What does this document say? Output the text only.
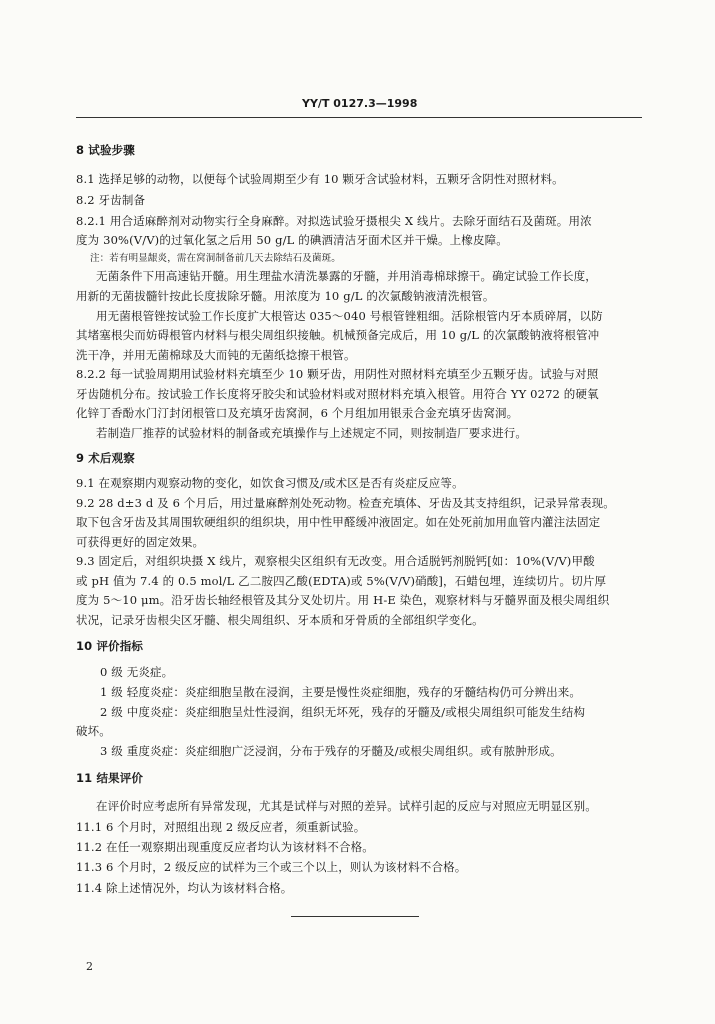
YY/T 0127.3—1998
8 试验步骤
8.1 选择足够的动物，以便每个试验周期至少有 10 颗牙含试验材料，五颗牙含阴性对照材料。
8.2 牙齿制备
8.2.1 用合适麻醉剂对动物实行全身麻醉。对拟选试验牙摄根尖 X 线片。去除牙面结石及菌斑。用浓
度为 30%(V/V)的过氧化氢之后用 50 g/L 的碘酒清洁牙面术区并干燥。上橡皮障。
注：若有明显龈炎，需在窝洞制备前几天去除结石及菌斑。
无菌条件下用高速钻开髓。用生理盐水清洗暴露的牙髓，并用消毒棉球擦干。确定试验工作长度，
用新的无菌拔髓针按此长度拔除牙髓。用浓度为 10 g/L 的次氯酸钠液清洗根管。
用无菌根管锉按试验工作长度扩大根管达 035～040 号根管锉粗细。活除根管内牙本质碎屑，以防
其堵塞根尖而妨碍根管内材料与根尖周组织接触。机械预备完成后，用 10 g/L 的次氯酸钠液将根管冲
洗干净，并用无菌棉球及大而钝的无菌纸捻擦干根管。
8.2.2 每一试验周期用试验材料充填至少 10 颗牙齿，用阴性对照材料充填至少五颗牙齿。试验与对照
牙齿随机分布。按试验工作长度将牙胶尖和试验材料或对照材料充填入根管。用符合 YY 0272 的硬氧
化锌丁香酚水门汀封闭根管口及充填牙齿窝洞，6 个月组加用银汞合金充填牙齿窝洞。
若制造厂推荐的试验材料的制备或充填操作与上述规定不同，则按制造厂要求进行。
9 术后观察
9.1 在观察期内观察动物的变化，如饮食习惯及/或术区是否有炎症反应等。
9.2 28 d±3 d 及 6 个月后，用过量麻醉剂处死动物。检查充填体、牙齿及其支持组织，记录异常表现。
取下包含牙齿及其周围软硬组织的组织块，用中性甲醛缓冲液固定。如在处死前加用血管内灌注法固定
可获得更好的固定效果。
9.3 固定后，对组织块摄 X 线片，观察根尖区组织有无改变。用合适脱钙剂脱钙[如：10%(V/V)甲酸
或 pH 值为 7.4 的 0.5 mol/L 乙二胺四乙酸(EDTA)或 5%(V/V)硝酸]，石蜡包埋，连续切片。切片厚
度为 5～10 μm。沿牙齿长轴经根管及其分叉处切片。用 H-E 染色，观察材料与牙髓界面及根尖周组织
状况，记录牙齿根尖区牙髓、根尖周组织、牙本质和牙骨质的全部组织学变化。
10 评价指标
0 级 无炎症。
1 级 轻度炎症：炎症细胞呈散在浸润，主要是慢性炎症细胞，残存的牙髓结构仍可分辨出来。
2 级 中度炎症：炎症细胞呈灶性浸润，组织无坏死，残存的牙髓及/或根尖周组织可能发生结构
破坏。
3 级 重度炎症：炎症细胞广泛浸润，分布于残存的牙髓及/或根尖周组织。或有脓肿形成。
11 结果评价
在评价时应考虑所有异常发现，尤其是试样与对照的差异。试样引起的反应与对照应无明显区别。
11.1 6 个月时，对照组出现 2 级反应者，须重新试验。
11.2 在任一观察期出现重度反应者均认为该材料不合格。
11.3 6 个月时，2 级反应的试样为三个或三个以上，则认为该材料不合格。
11.4 除上述情况外，均认为该材料合格。
2
